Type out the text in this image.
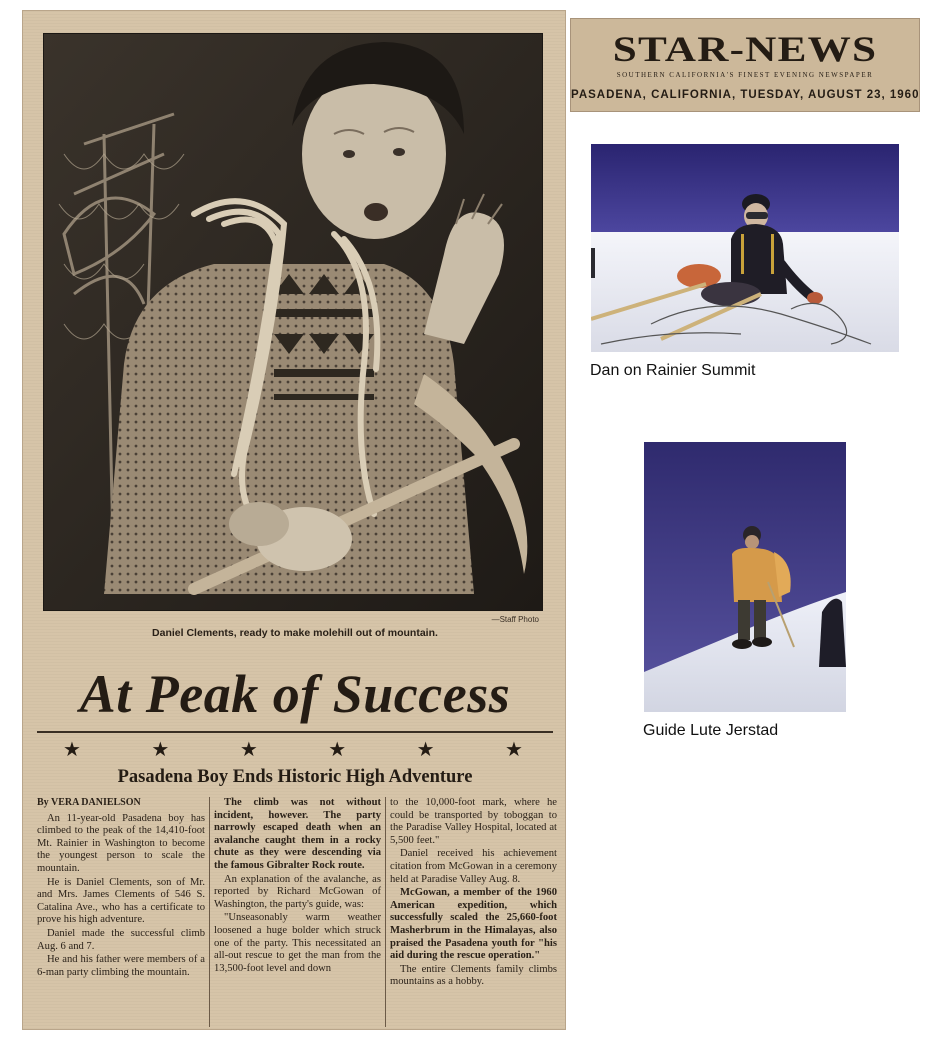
—Staff Photo
Daniel Clements, ready to make molehill out of mountain.
At Peak of Success
★	★	★	★	★	★
Pasadena Boy Ends Historic High Adventure
By VERA DANIELSON

An 11-year-old Pasadena boy has climbed to the peak of the 14,410-foot Mt. Rainier in Washington to become the youngest person to scale the mountain.

He is Daniel Clements, son of Mr. and Mrs. James Clements of 546 S. Catalina Ave., who has a certificate to prove his high adventure.

Daniel made the successful climb Aug. 6 and 7.

He and his father were members of a 6-man party climbing the mountain.

The climb was not without incident, however. The party narrowly escaped death when an avalanche caught them in a rocky chute as they were descending via the famous Gibralter Rock route.

An explanation of the avalanche, as reported by Richard McGowan of Washington, the party's guide, was:

"Unseasonably warm weather loosened a huge bolder which struck one of the party. This necessitated an all-out rescue to get the man from the 13,500-foot level and down

to the 10,000-foot mark, where he could be transported by toboggan to the Paradise Valley Hospital, located at 5,500 feet."

Daniel received his achievement citation from McGowan in a ceremony held at Paradise Valley Aug. 8.

McGowan, a member of the 1960 American expedition, which successfully scaled the 25,660-foot Masherbrum in the Himalayas, also praised the Pasadena youth for "his aid during the rescue operation."

The entire Clements family climbs mountains as a hobby.

STAR-NEWS
SOUTHERN CALIFORNIA'S FINEST EVENING NEWSPAPER
PASADENA, CALIFORNIA, TUESDAY, AUGUST 23, 1960
Dan on Rainier Summit
Guide Lute Jerstad
